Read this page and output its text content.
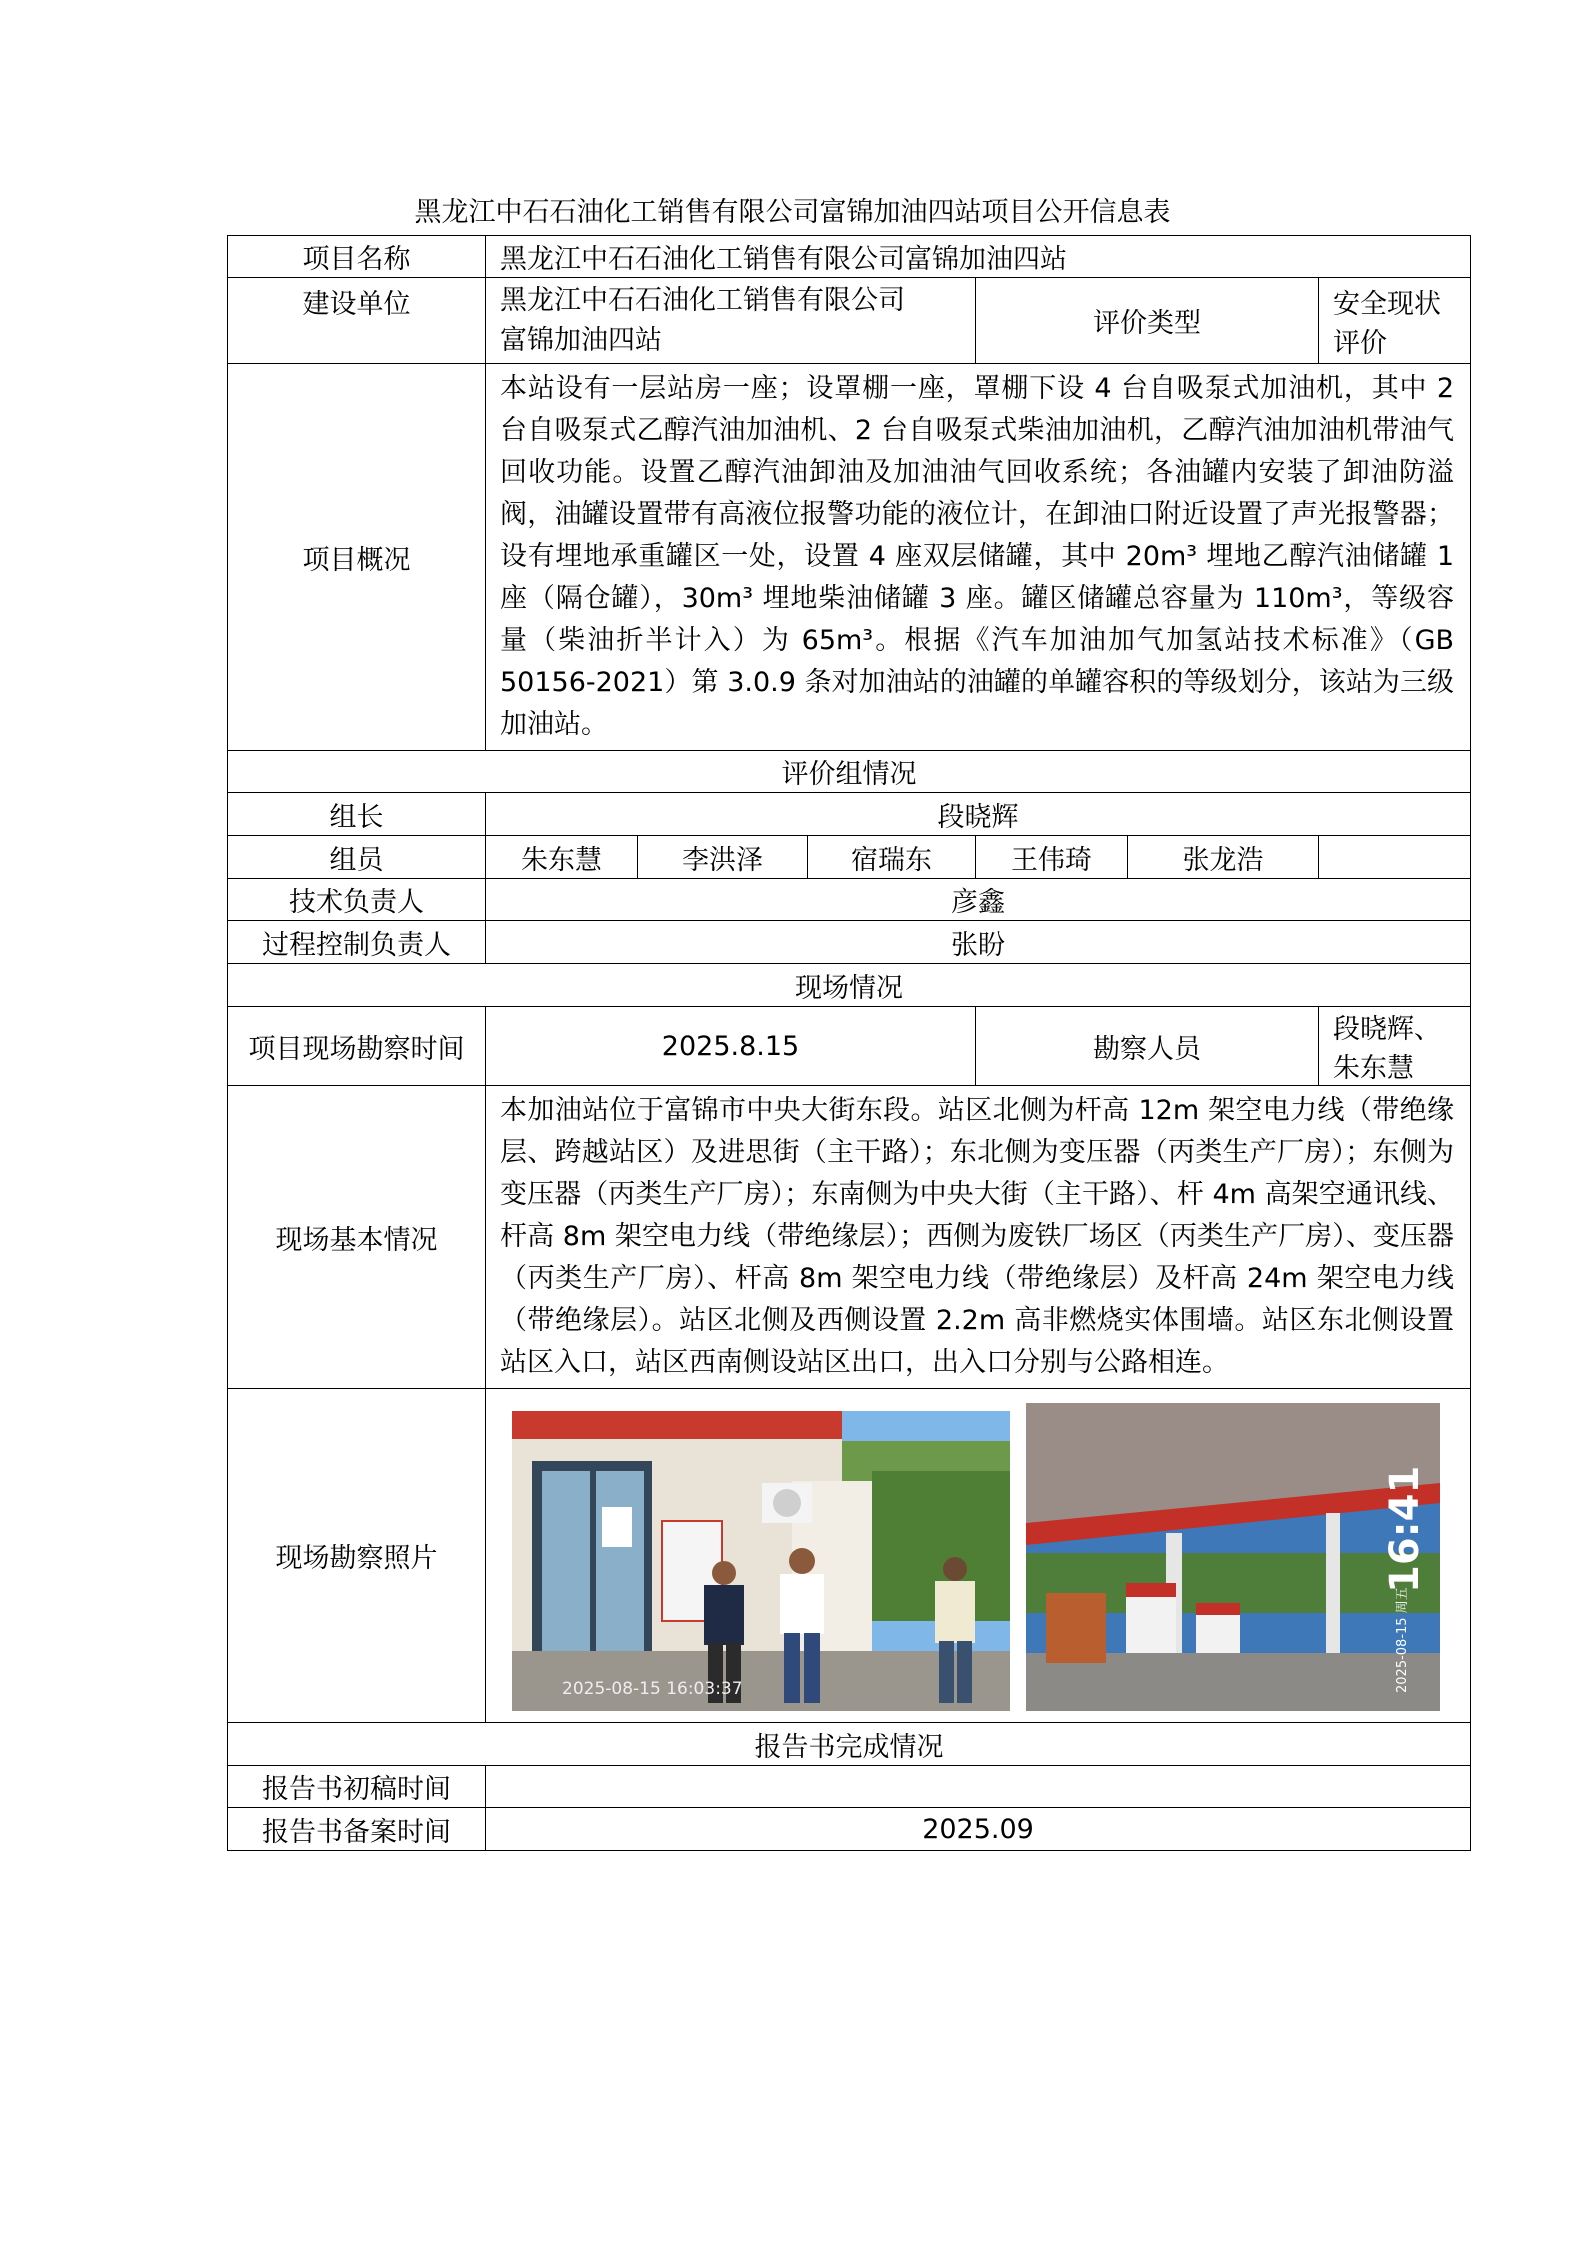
黑龙江中石石油化工销售有限公司富锦加油四站项目公开信息表
项目名称	黑龙江中石石油化工销售有限公司富锦加油四站					
建设单位	黑龙江中石石油化工销售有限公司
富锦加油四站			评价类型		安全现状评价
项目概况	本站设有一层站房一座；设罩棚一座，罩棚下设 4 台自吸泵式加油机，其中 2 台自吸泵式乙醇汽油加油机、2 台自吸泵式柴油加油机，乙醇汽油加油机带油气回收功能。设置乙醇汽油卸油及加油油气回收系统；各油罐内安装了卸油防溢阀，油罐设置带有高液位报警功能的液位计，在卸油口附近设置了声光报警器；设有埋地承重罐区一处，设置 4 座双层储罐，其中 20m³ 埋地乙醇汽油储罐 1 座（隔仓罐），30m³ 埋地柴油储罐 3 座。罐区储罐总容量为 110m³，等级容量（柴油折半计入）为 65m³。根据《汽车加油加气加氢站技术标准》（GB 50156-2021）第 3.0.9 条对加油站的油罐的单罐容积的等级划分，该站为三级加油站。					
评价组情况						
组长	段晓辉					
组员	朱东慧	李洪泽	宿瑞东	王伟琦	张龙浩	
技术负责人	彦鑫					
过程控制负责人	张盼					
现场情况						
项目现场勘察时间	2025.8.15			勘察人员		段晓辉、朱东慧
现场基本情况	本加油站位于富锦市中央大街东段。站区北侧为杆高 12m 架空电力线（带绝缘层、跨越站区）及进思街（主干路）；东北侧为变压器（丙类生产厂房）；东侧为变压器（丙类生产厂房）；东南侧为中央大街（主干路）、杆 4m 高架空通讯线、杆高 8m 架空电力线（带绝缘层）；西侧为废铁厂场区（丙类生产厂房）、变压器（丙类生产厂房）、杆高 8m 架空电力线（带绝缘层）及杆高 24m 架空电力线（带绝缘层）。站区北侧及西侧设置 2.2m 高非燃烧实体围墙。站区东北侧设置站区入口，站区西南侧设站区出口，出入口分别与公路相连。					
现场勘察照片	2025-08-15 16:03:37
16:41
2025-08-15 周五					

报告书完成情况						
报告书初稿时间						
报告书备案时间	2025.09					
